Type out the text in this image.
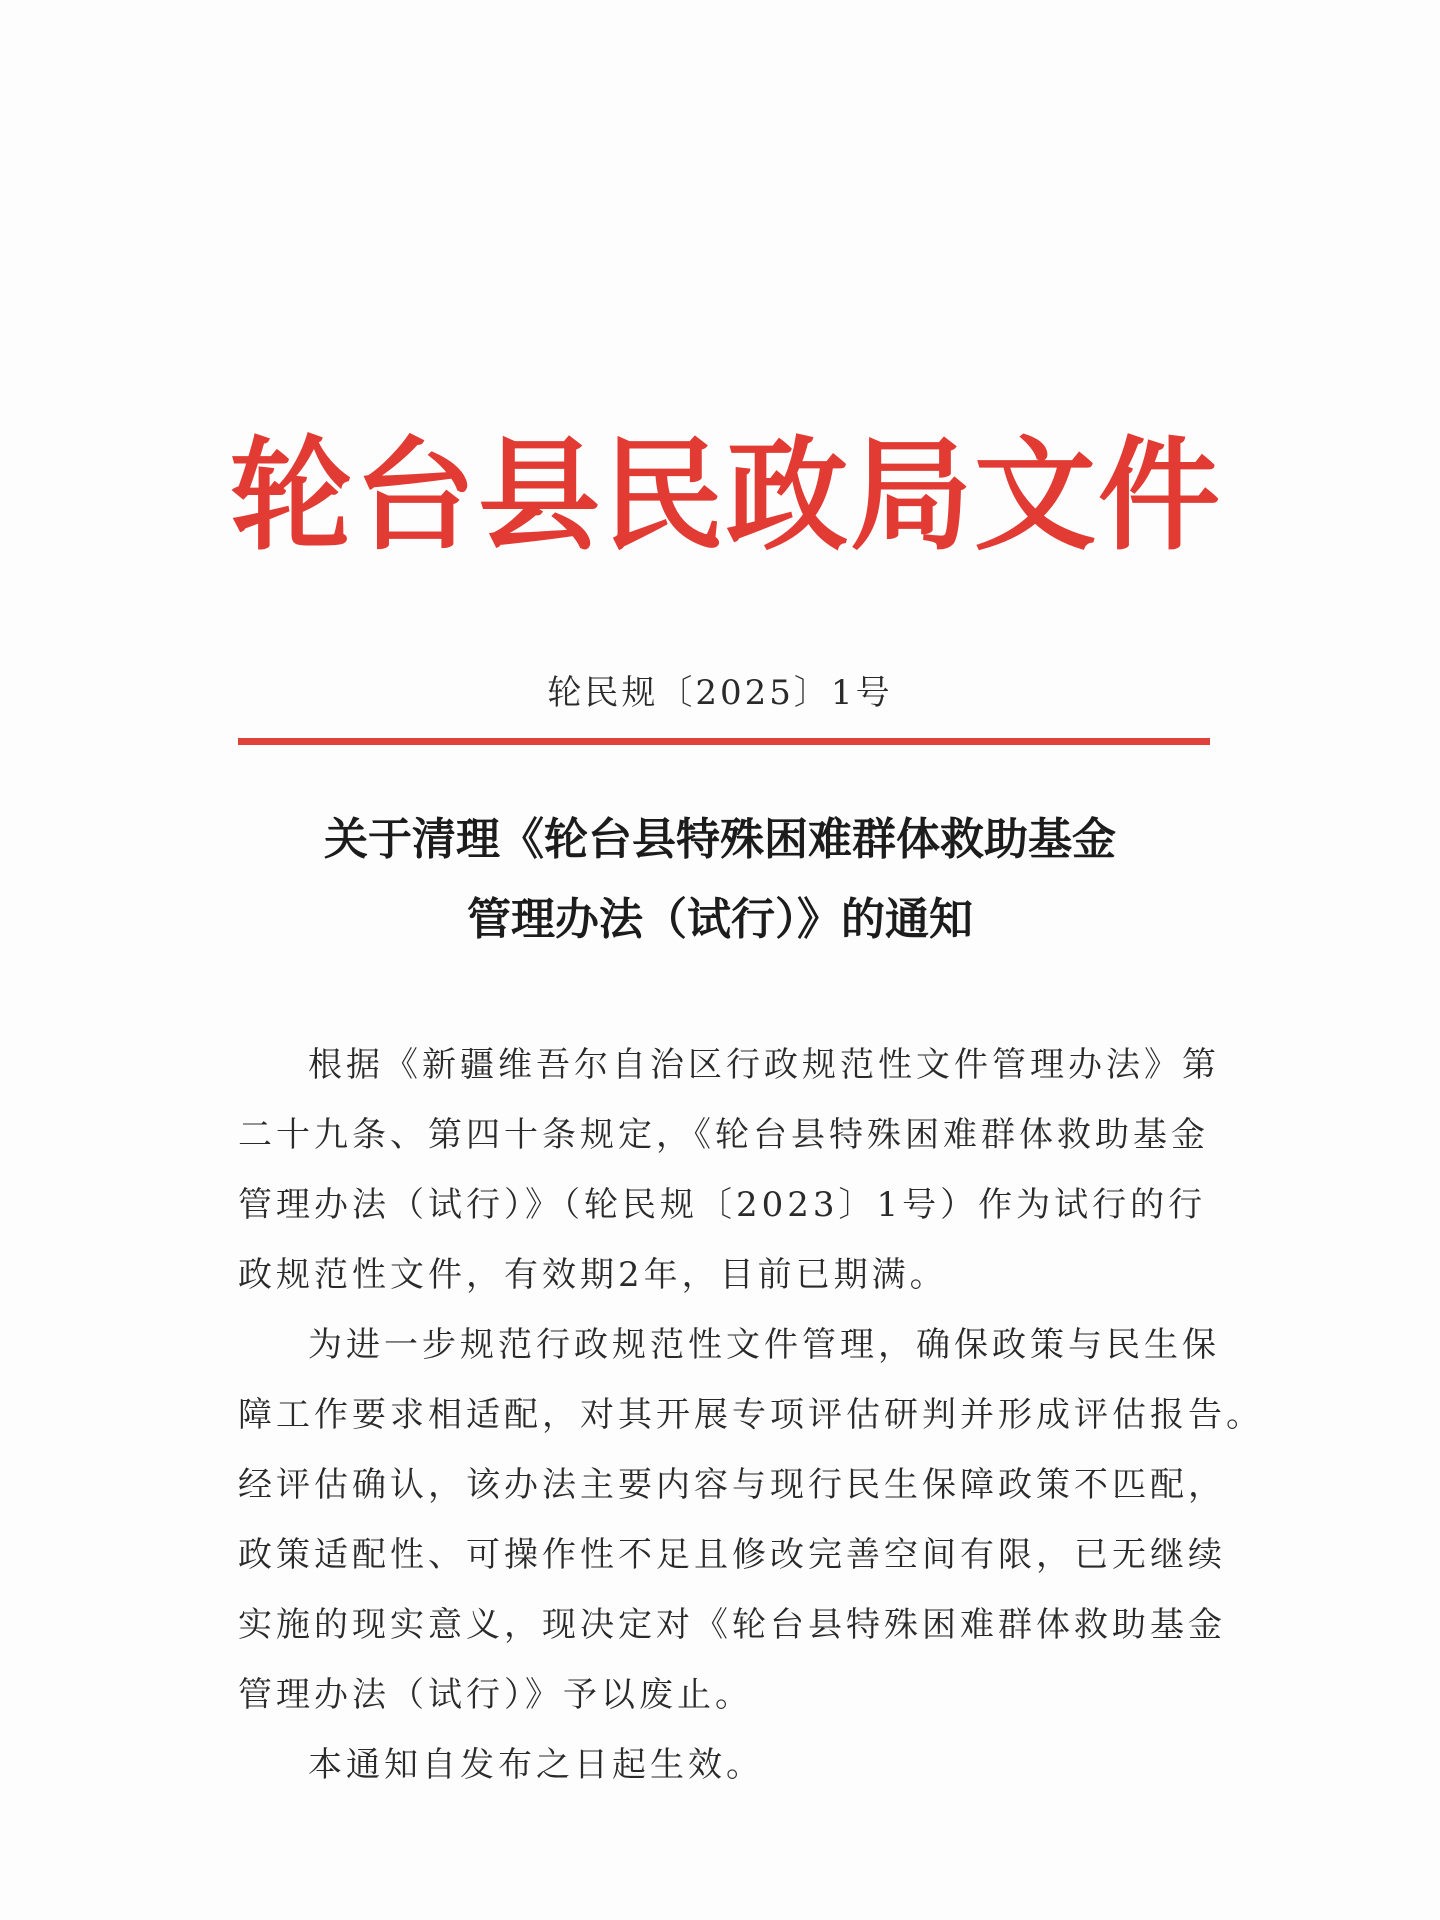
轮台县民政局文件
轮民规〔2025〕1号
关于清理《轮台县特殊困难群体救助基金
管理办法（试行）》的通知
根据《新疆维吾尔自治区行政规范性文件管理办法》第
二十九条、第四十条规定，《轮台县特殊困难群体救助基金
管理办法（试行）》（轮民规〔2023〕1号）作为试行的行
政规范性文件，有效期2年，目前已期满。
为进一步规范行政规范性文件管理，确保政策与民生保
障工作要求相适配，对其开展专项评估研判并形成评估报告。
经评估确认，该办法主要内容与现行民生保障政策不匹配，
政策适配性、可操作性不足且修改完善空间有限，已无继续
实施的现实意义，现决定对《轮台县特殊困难群体救助基金
管理办法（试行）》予以废止。
本通知自发布之日起生效。
